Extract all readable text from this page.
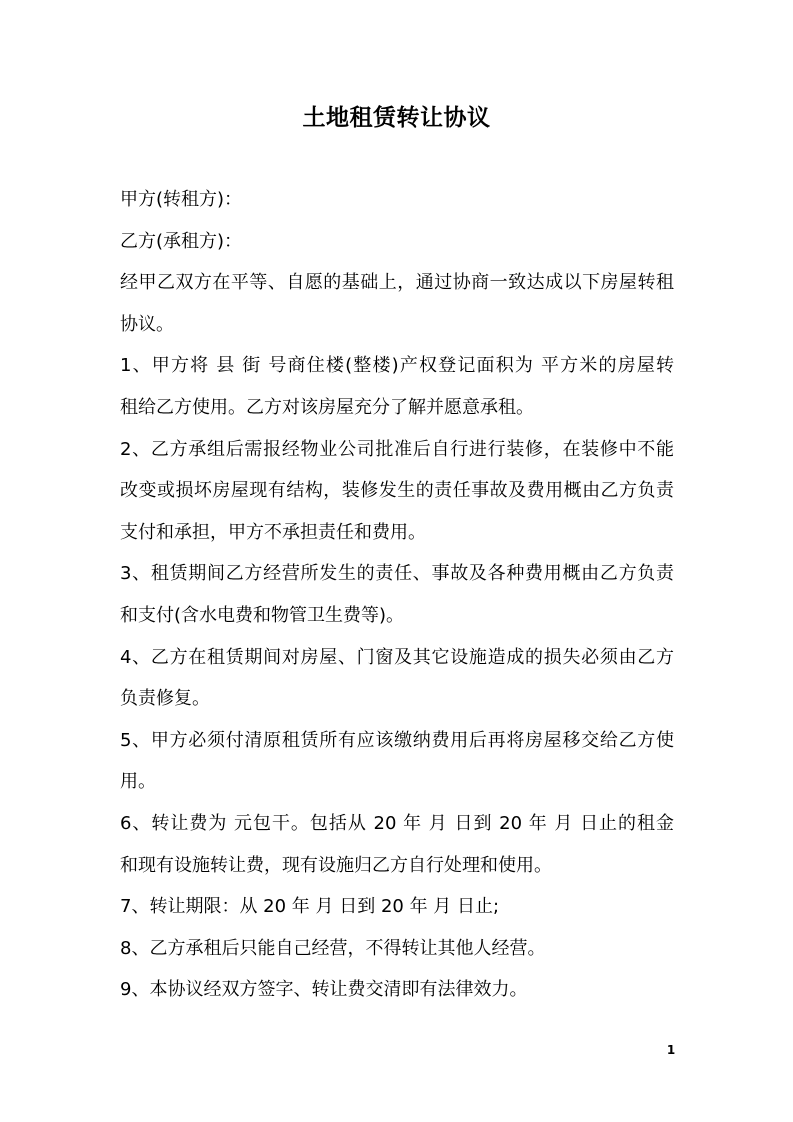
土地租赁转让协议
甲方(转租方)：
乙方(承租方)：
经甲乙双方在平等、自愿的基础上，通过协商一致达成以下房屋转租
协议。
1、甲方将 县 街 号商住楼(整楼)产权登记面积为 平方米的房屋转
租给乙方使用。乙方对该房屋充分了解并愿意承租。
2、乙方承组后需报经物业公司批准后自行进行装修，在装修中不能
改变或损坏房屋现有结构，装修发生的责任事故及费用概由乙方负责
支付和承担，甲方不承担责任和费用。
3、租赁期间乙方经营所发生的责任、事故及各种费用概由乙方负责
和支付(含水电费和物管卫生费等)。
4、乙方在租赁期间对房屋、门窗及其它设施造成的损失必须由乙方
负责修复。
5、甲方必须付清原租赁所有应该缴纳费用后再将房屋移交给乙方使
用。
6、转让费为 元包干。包括从 20 年 月 日到 20 年 月 日止的租金
和现有设施转让费，现有设施归乙方自行处理和使用。
7、转让期限：从 20 年 月 日到 20 年 月 日止;
8、乙方承租后只能自己经营，不得转让其他人经营。
9、本协议经双方签字、转让费交清即有法律效力。
1
